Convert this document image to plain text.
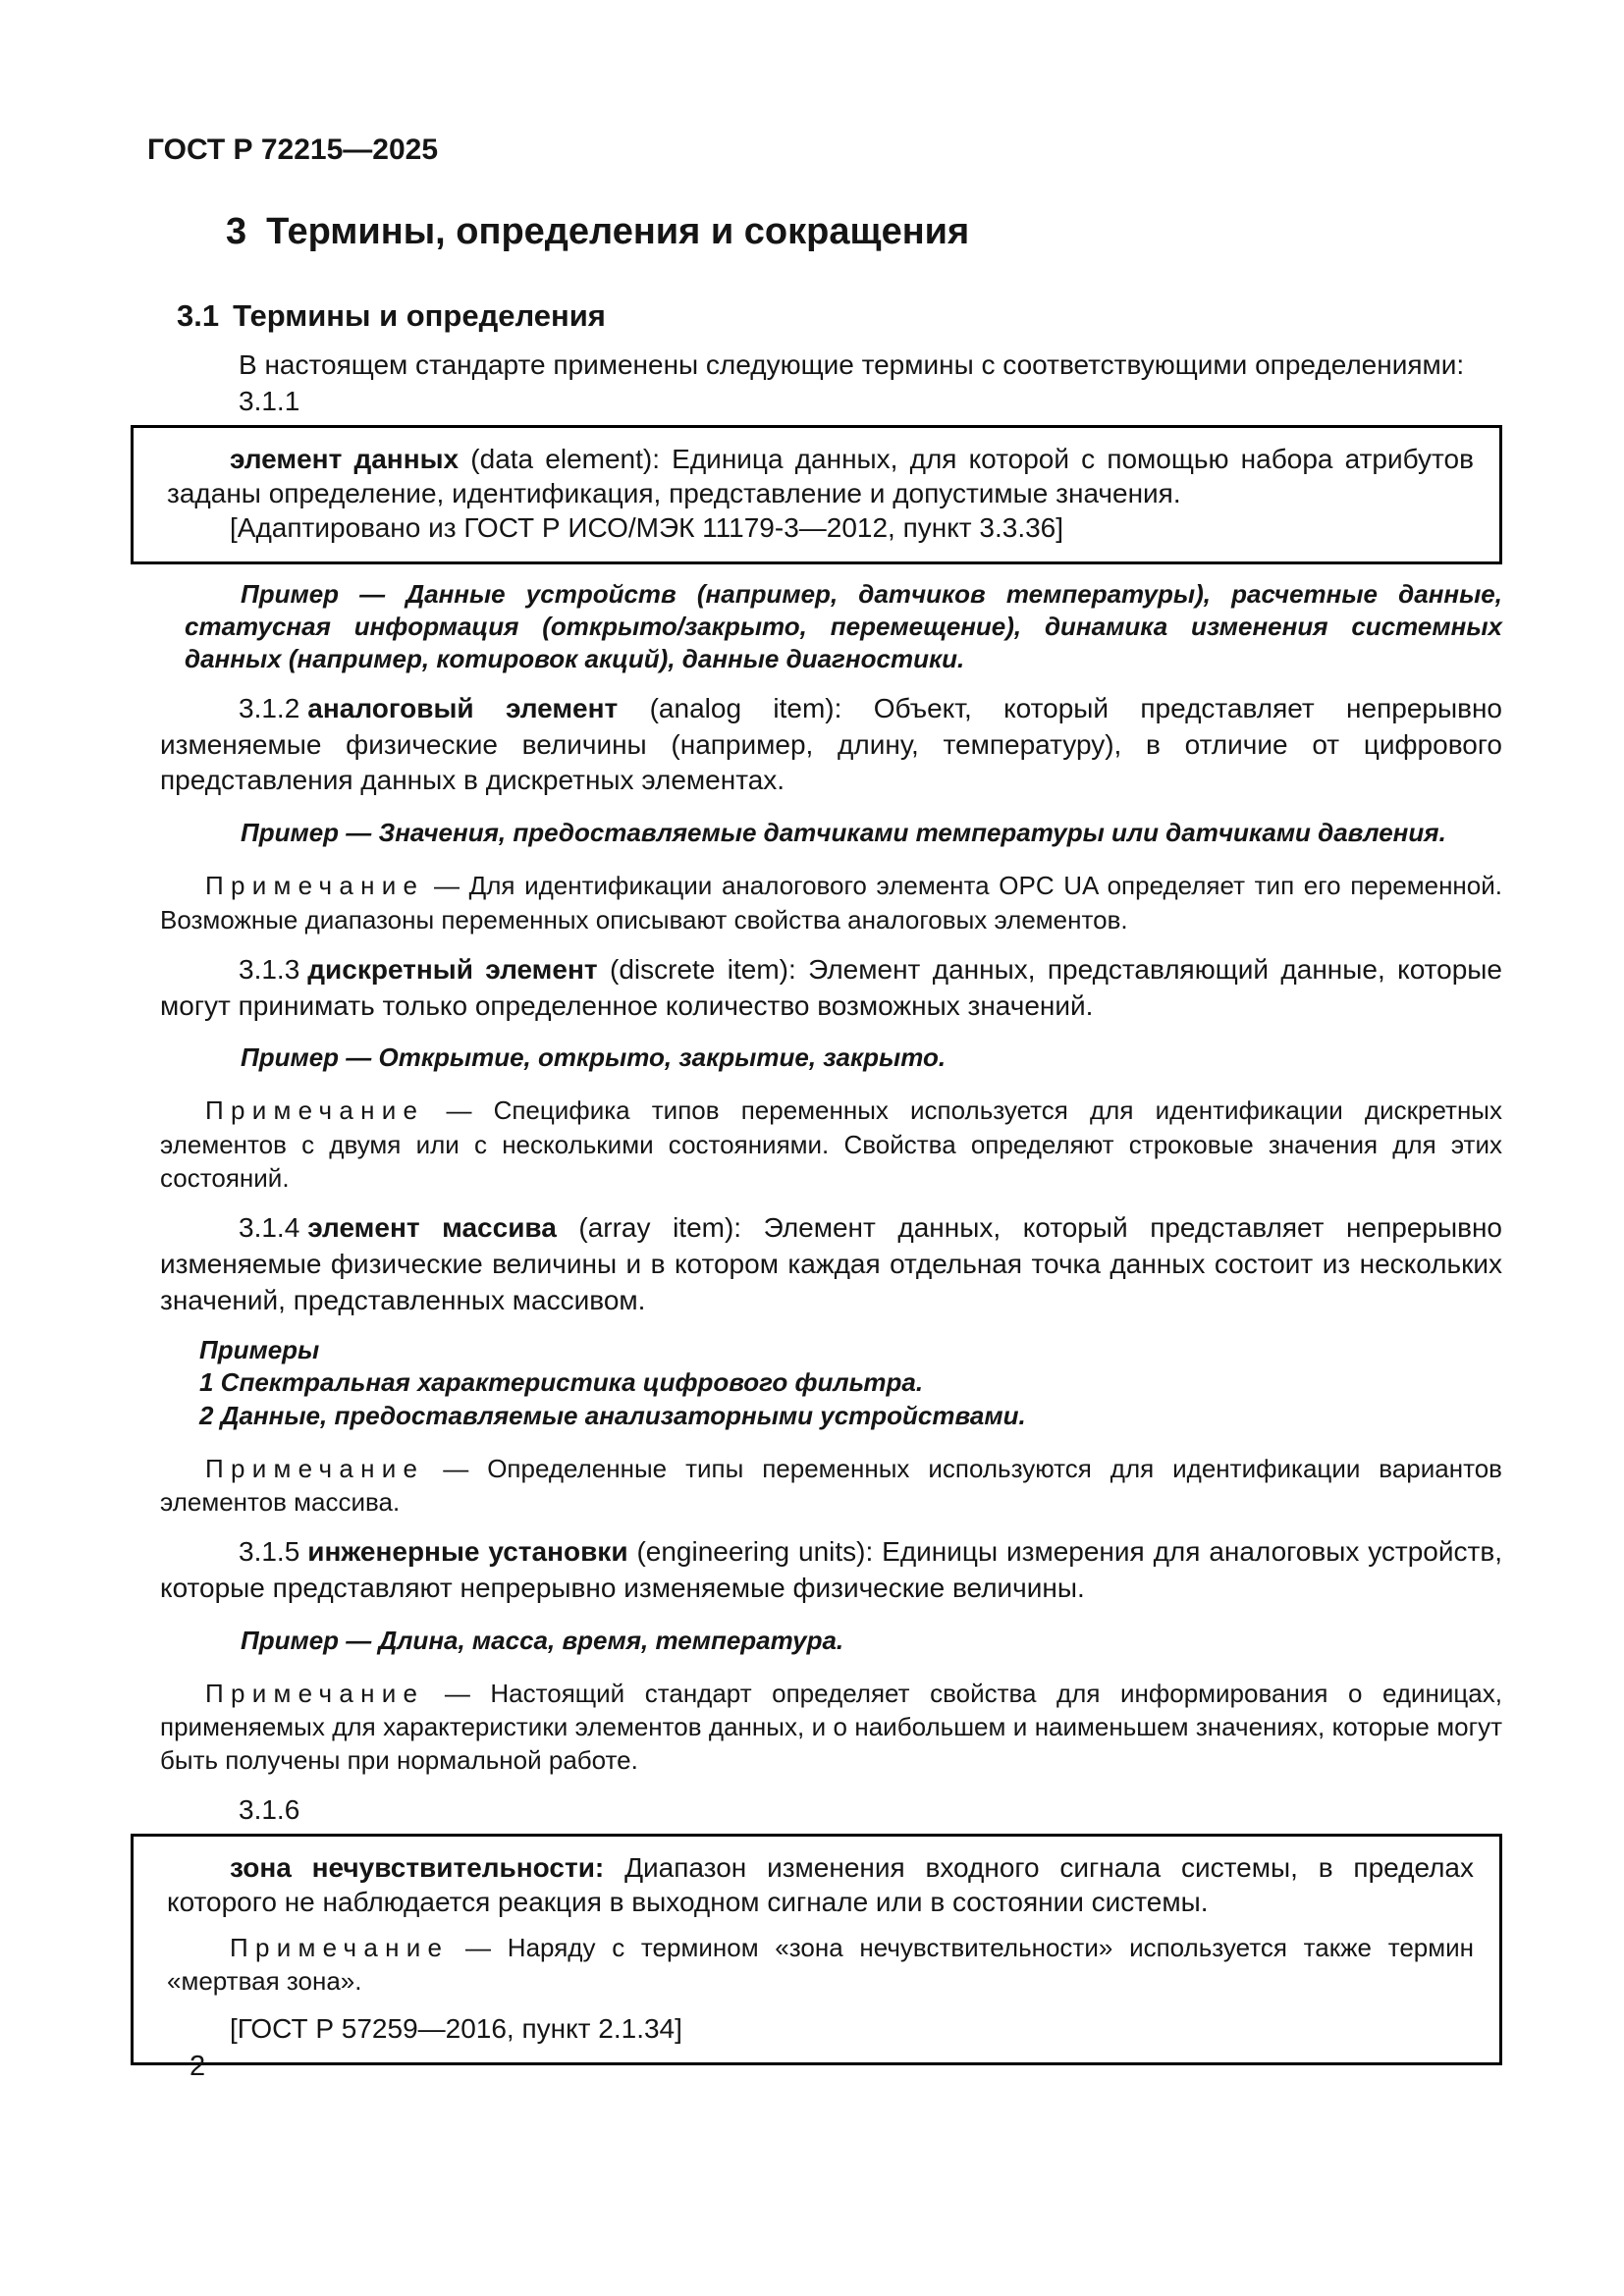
ГОСТ Р 72215—2025
3 Термины, определения и сокращения
3.1 Термины и определения

В настоящем стандарте применены следующие термины с соответствующими определениями:

3.1.1

элемент данных (data element): Единица данных, для которой с помощью набора атрибутов заданы определение, идентификация, представление и допустимые значения.

[Адаптировано из ГОСТ Р ИСО/МЭК 11179-3—2012, пункт 3.3.36]

Пример — Данные устройств (например, датчиков температуры), расчетные данные, статусная информация (открыто/закрыто, перемещение), динамика изменения системных данных (например, котировок акций), данные диагностики.

3.1.2 аналоговый элемент (analog item): Объект, который представляет непрерывно изменяемые физические величины (например, длину, температуру), в отличие от цифрового представления данных в дискретных элементах.

Пример — Значения, предоставляемые датчиками температуры или датчиками давления.

Примечание — Для идентификации аналогового элемента OPC UA определяет тип его переменной. Возможные диапазоны переменных описывают свойства аналоговых элементов.

3.1.3 дискретный элемент (discrete item): Элемент данных, представляющий данные, которые могут принимать только определенное количество возможных значений.

Пример — Открытие, открыто, закрытие, закрыто.

Примечание — Специфика типов переменных используется для идентификации дискретных элементов с двумя или с несколькими состояниями. Свойства определяют строковые значения для этих состояний.

3.1.4 элемент массива (array item): Элемент данных, который представляет непрерывно изменяемые физические величины и в котором каждая отдельная точка данных состоит из нескольких значений, представленных массивом.

Примеры

1 Спектральная характеристика цифрового фильтра.

2 Данные, предоставляемые анализаторными устройствами.

Примечание — Определенные типы переменных используются для идентификации вариантов элементов массива.

3.1.5 инженерные установки (engineering units): Единицы измерения для аналоговых устройств, которые представляют непрерывно изменяемые физические величины.

Пример — Длина, масса, время, температура.

Примечание — Настоящий стандарт определяет свойства для информирования о единицах, применяемых для характеристики элементов данных, и о наибольшем и наименьшем значениях, которые могут быть получены при нормальной работе.

3.1.6

зона нечувствительности: Диапазон изменения входного сигнала системы, в пределах которого не наблюдается реакция в выходном сигнале или в состоянии системы.

Примечание — Наряду с термином «зона нечувствительности» используется также термин «мертвая зона».

[ГОСТ Р 57259—2016, пункт 2.1.34]

2
